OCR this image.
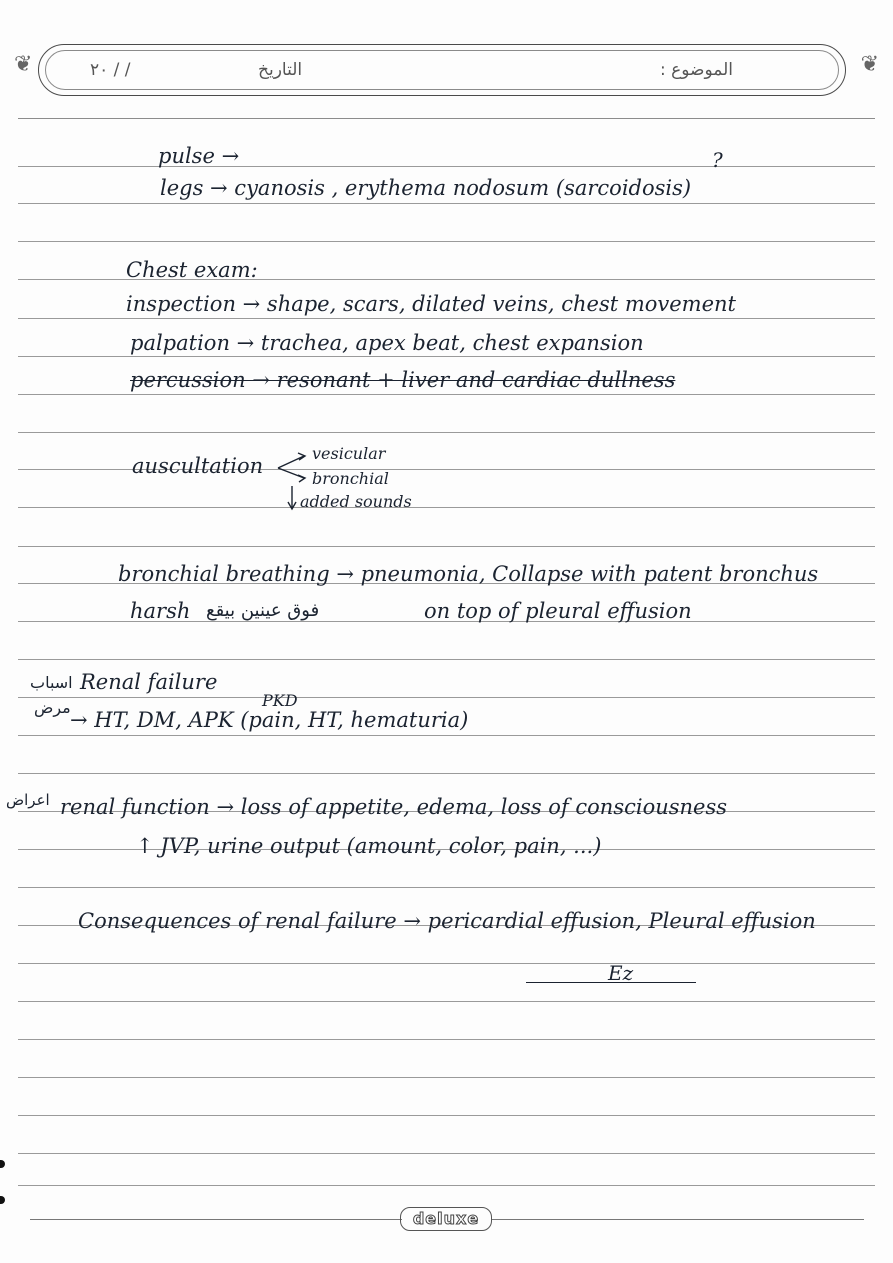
❦	❦
٢٠ / /	التاريخ	الموضوع :
pulse →	?
legs → cyanosis , erythema nodosum (sarcoidosis)
Chest exam:
inspection → shape, scars, dilated veins, chest movement
palpation → trachea, apex beat, chest expansion
percussion → resonant + liver and cardiac dullness
auscultation
vesicular
bronchial
added sounds
bronchial breathing → pneumonia, Collapse with patent bronchus
harsh فوق عينين بيقع	on top of pleural effusion
اسباب Renal failure
PKD
مرض
→ HT, DM, APK (pain, HT, hematuria)
اعراض renal function → loss of appetite, edema, loss of consciousness
↑ JVP, urine output (amount, color, pain, ...)
Consequences of renal failure → pericardial effusion, Pleural effusion
Ez
deluxe
